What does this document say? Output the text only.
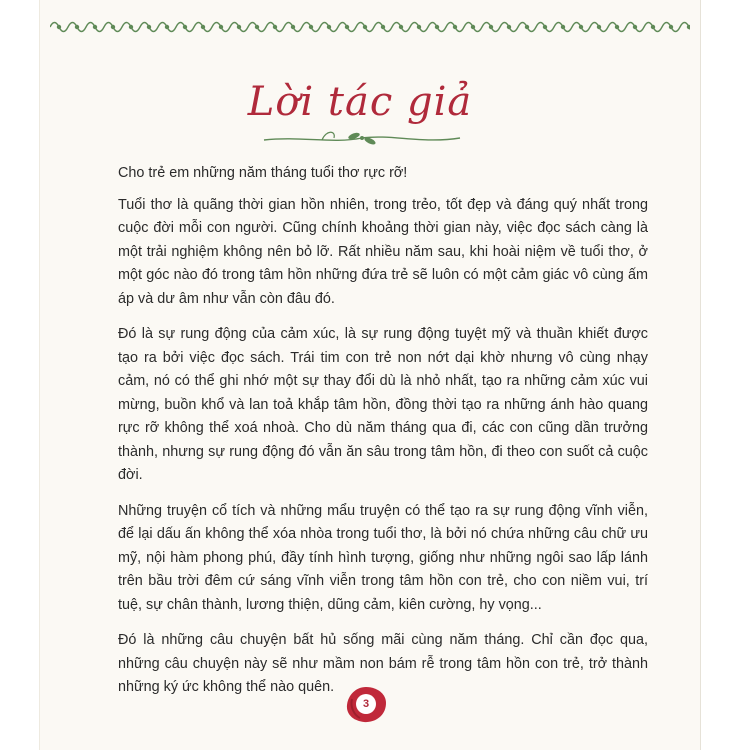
Lời tác giả

Cho trẻ em những năm tháng tuổi thơ rực rỡ!

Tuổi thơ là quãng thời gian hồn nhiên, trong trẻo, tốt đẹp và đáng quý nhất trong cuộc đời mỗi con người. Cũng chính khoảng thời gian này, việc đọc sách càng là một trải nghiệm không nên bỏ lỡ. Rất nhiều năm sau, khi hoài niệm về tuổi thơ, ở một góc nào đó trong tâm hồn những đứa trẻ sẽ luôn có một cảm giác vô cùng ấm áp và dư âm như vẫn còn đâu đó.

Đó là sự rung động của cảm xúc, là sự rung động tuyệt mỹ và thuần khiết được tạo ra bởi việc đọc sách. Trái tim con trẻ non nớt dại khờ nhưng vô cùng nhạy cảm, nó có thể ghi nhớ một sự thay đổi dù là nhỏ nhất, tạo ra những cảm xúc vui mừng, buồn khổ và lan toả khắp tâm hồn, đồng thời tạo ra những ánh hào quang rực rỡ không thể xoá nhoà. Cho dù năm tháng qua đi, các con cũng dần trưởng thành, nhưng sự rung động đó vẫn ăn sâu trong tâm hồn, đi theo con suốt cả cuộc đời.

Những truyện cổ tích và những mẩu truyện có thể tạo ra sự rung động vĩnh viễn, để lại dấu ấn không thể xóa nhòa trong tuổi thơ, là bởi nó chứa những câu chữ ưu mỹ, nội hàm phong phú, đầy tính hình tượng, giống như những ngôi sao lấp lánh trên bầu trời đêm cứ sáng vĩnh viễn trong tâm hồn con trẻ, cho con niềm vui, trí tuệ, sự chân thành, lương thiện, dũng cảm, kiên cường, hy vọng...

Đó là những câu chuyện bất hủ sống mãi cùng năm tháng. Chỉ cần đọc qua, những câu chuyện này sẽ như mầm non bám rễ trong tâm hồn con trẻ, trở thành những ký ức không thể nào quên.

3
